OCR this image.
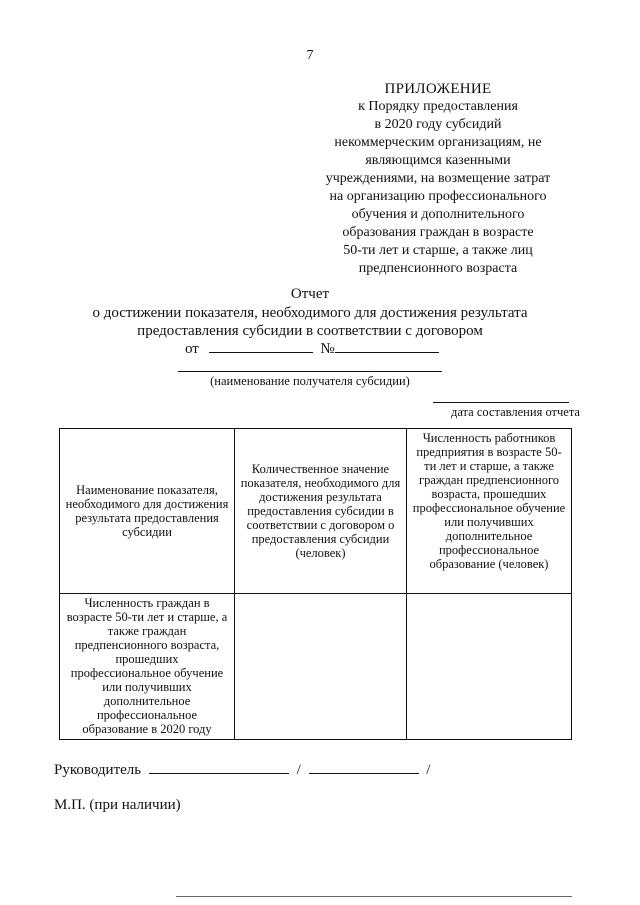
7
ПРИЛОЖЕНИЕ
к Порядку предоставления
в 2020 году субсидий
некоммерческим организациям, не
являющимся казенными
учреждениями, на возмещение затрат
на организацию профессионального
обучения и дополнительного
образования граждан в возрасте
50-ти лет и старше, а также лиц
предпенсионного возраста
Отчет
о достижении показателя, необходимого для достижения результата
предоставления субсидии в соответствии с договором
от	№
(наименование получателя субсидии)
дата составления отчета
Наименование показателя, необходимого для достижения результата предоставления субсидии	Количественное значение показателя, необходимого для достижения результата предоставления субсидии в соответствии с договором о предоставления субсидии (человек)	Численность работников предприятия в возрасте 50-ти лет и старше, а также граждан предпенсионного возраста, прошедших профессиональное обучение или получивших дополнительное профессиональное образование (человек)
Численность граждан в возрасте 50-ти лет и старше, а также граждан предпенсионного возраста, прошедших профессиональное обучение или получивших дополнительное профессиональное образование в 2020 году		
Руководитель	/	/
М.П. (при наличии)
